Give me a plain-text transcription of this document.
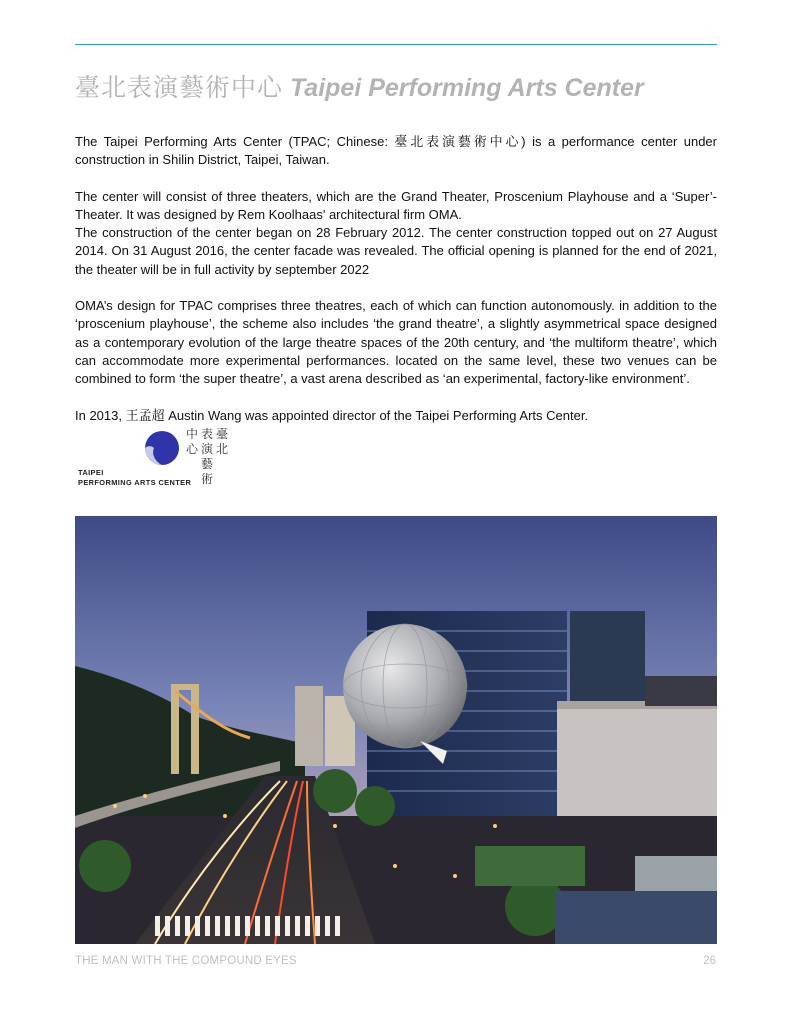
臺北表演藝術中心 Taipei Performing Arts Center

The Taipei Performing Arts Center (TPAC; Chinese: 臺北表演藝術中心) is a performance center under construction in Shilin District, Taipei, Taiwan.

The center will consist of three theaters, which are the Grand Theater, Proscenium Playhouse and a ‘Super’-Theater. It was designed by Rem Koolhaas' architectural firm OMA.

The construction of the center began on 28 February 2012. The center construction topped out on 27 August 2014. On 31 August 2016, the center facade was revealed. The official opening is planned for the end of 2021, the theater will be in full activity by september 2022

OMA’s design for TPAC comprises three theatres, each of which can function autonomously. in addition to the ‘proscenium playhouse’, the scheme also includes ‘the grand theatre’, a slightly asymmetrical space designed as a contemporary evolution of the large theatre spaces of the 20th century, and ‘the multiform theatre’, which can accommodate more experimental performances. located on the same level, these two venues can be combined to form ‘the super theatre’, a vast arena described as ‘an experimental, factory-like environment’.

In 2013, 王孟超 Austin Wang was appointed director of the Taipei Performing Arts Center.

臺
北
表
演
藝
術
中
心
TAIPEI
PERFORMING ARTS CENTER
THE MAN WITH THE COMPOUND EYES	26
